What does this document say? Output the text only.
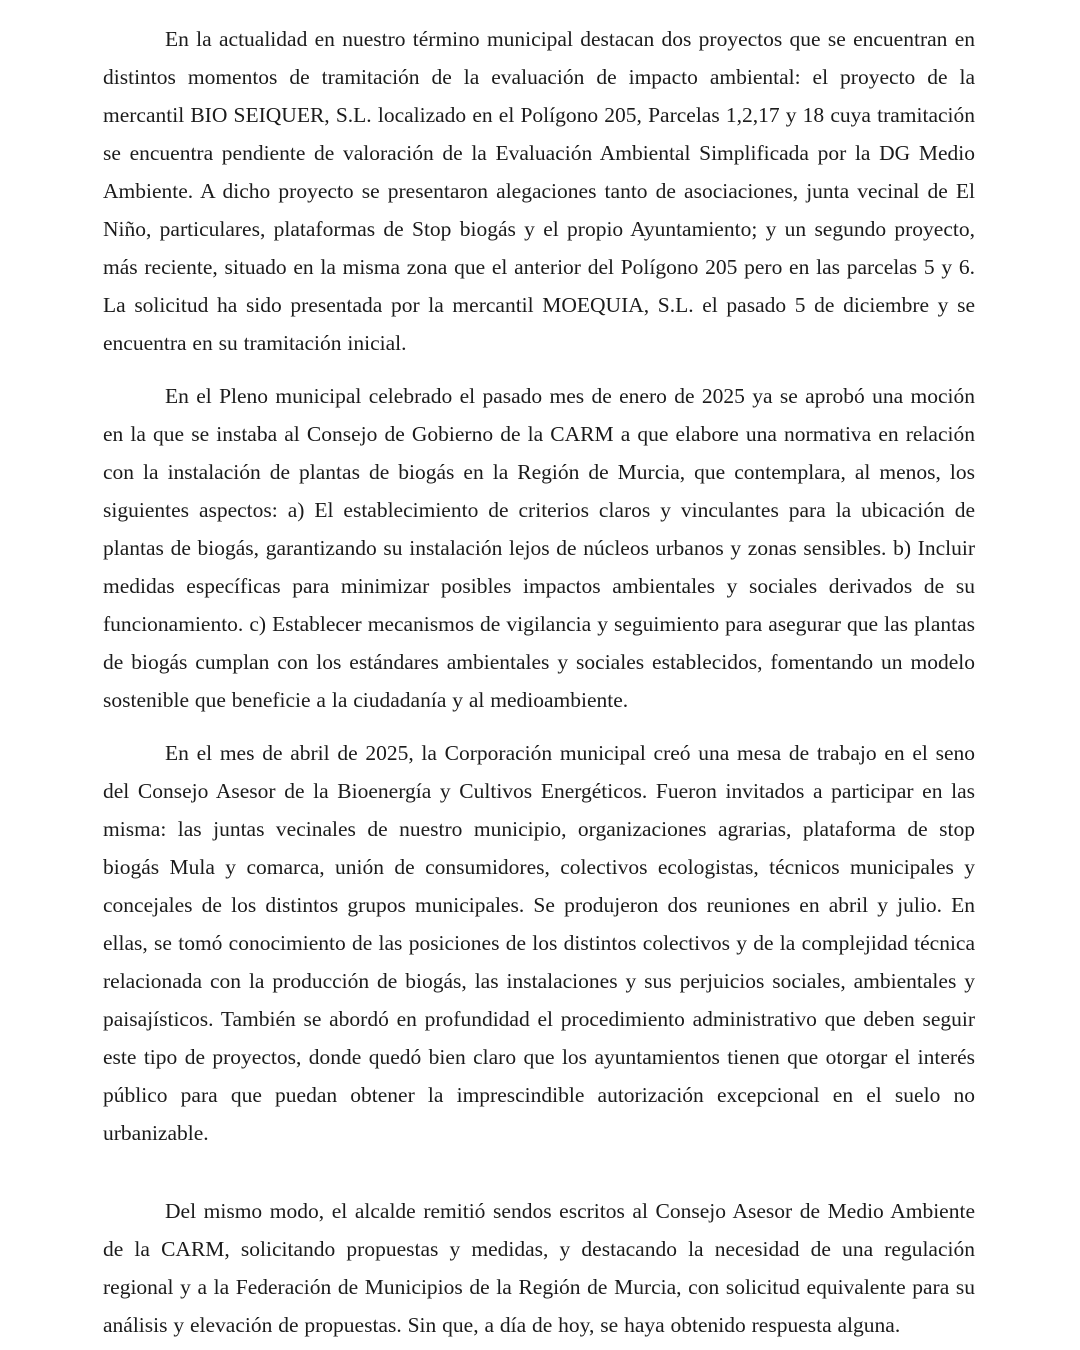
En la actualidad en nuestro término municipal destacan dos proyectos que se encuentran en distintos momentos de tramitación de la evaluación de impacto ambiental: el proyecto de la mercantil BIO SEIQUER, S.L. localizado en el Polígono 205, Parcelas 1,2,17 y 18 cuya tramitación se encuentra pendiente de valoración de la Evaluación Ambiental Simplificada por la DG Medio Ambiente. A dicho proyecto se presentaron alegaciones tanto de asociaciones, junta vecinal de El Niño, particulares, plataformas de Stop biogás y el propio Ayuntamiento; y un segundo proyecto, más reciente, situado en la misma zona que el anterior del Polígono 205 pero en las parcelas 5 y 6. La solicitud ha sido presentada por la mercantil MOEQUIA, S.L. el pasado 5 de diciembre y se encuentra en su tramitación inicial.

En el Pleno municipal celebrado el pasado mes de enero de 2025 ya se aprobó una moción en la que se instaba al Consejo de Gobierno de la CARM a que elabore una normativa en relación con la instalación de plantas de biogás en la Región de Murcia, que contemplara, al menos, los siguientes aspectos: a) El establecimiento de criterios claros y vinculantes para la ubicación de plantas de biogás, garantizando su instalación lejos de núcleos urbanos y zonas sensibles. b) Incluir medidas específicas para minimizar posibles impactos ambientales y sociales derivados de su funcionamiento. c) Establecer mecanismos de vigilancia y seguimiento para asegurar que las plantas de biogás cumplan con los estándares ambientales y sociales establecidos, fomentando un modelo sostenible que beneficie a la ciudadanía y al medioambiente.

En el mes de abril de 2025, la Corporación municipal creó una mesa de trabajo en el seno del Consejo Asesor de la Bioenergía y Cultivos Energéticos. Fueron invitados a participar en las misma: las juntas vecinales de nuestro municipio, organizaciones agrarias, plataforma de stop biogás Mula y comarca, unión de consumidores, colectivos ecologistas, técnicos municipales y concejales de los distintos grupos municipales. Se produjeron dos reuniones en abril y julio. En ellas, se tomó conocimiento de las posiciones de los distintos colectivos y de la complejidad técnica relacionada con la producción de biogás, las instalaciones y sus perjuicios sociales, ambientales y paisajísticos. También se abordó en profundidad el procedimiento administrativo que deben seguir este tipo de proyectos, donde quedó bien claro que los ayuntamientos tienen que otorgar el interés público para que puedan obtener la imprescindible autorización excepcional en el suelo no urbanizable.

Del mismo modo, el alcalde remitió sendos escritos al Consejo Asesor de Medio Ambiente de la CARM, solicitando propuestas y medidas, y destacando la necesidad de una regulación regional y a la Federación de Municipios de la Región de Murcia, con solicitud equivalente para su análisis y elevación de propuestas. Sin que, a día de hoy, se haya obtenido respuesta alguna.
